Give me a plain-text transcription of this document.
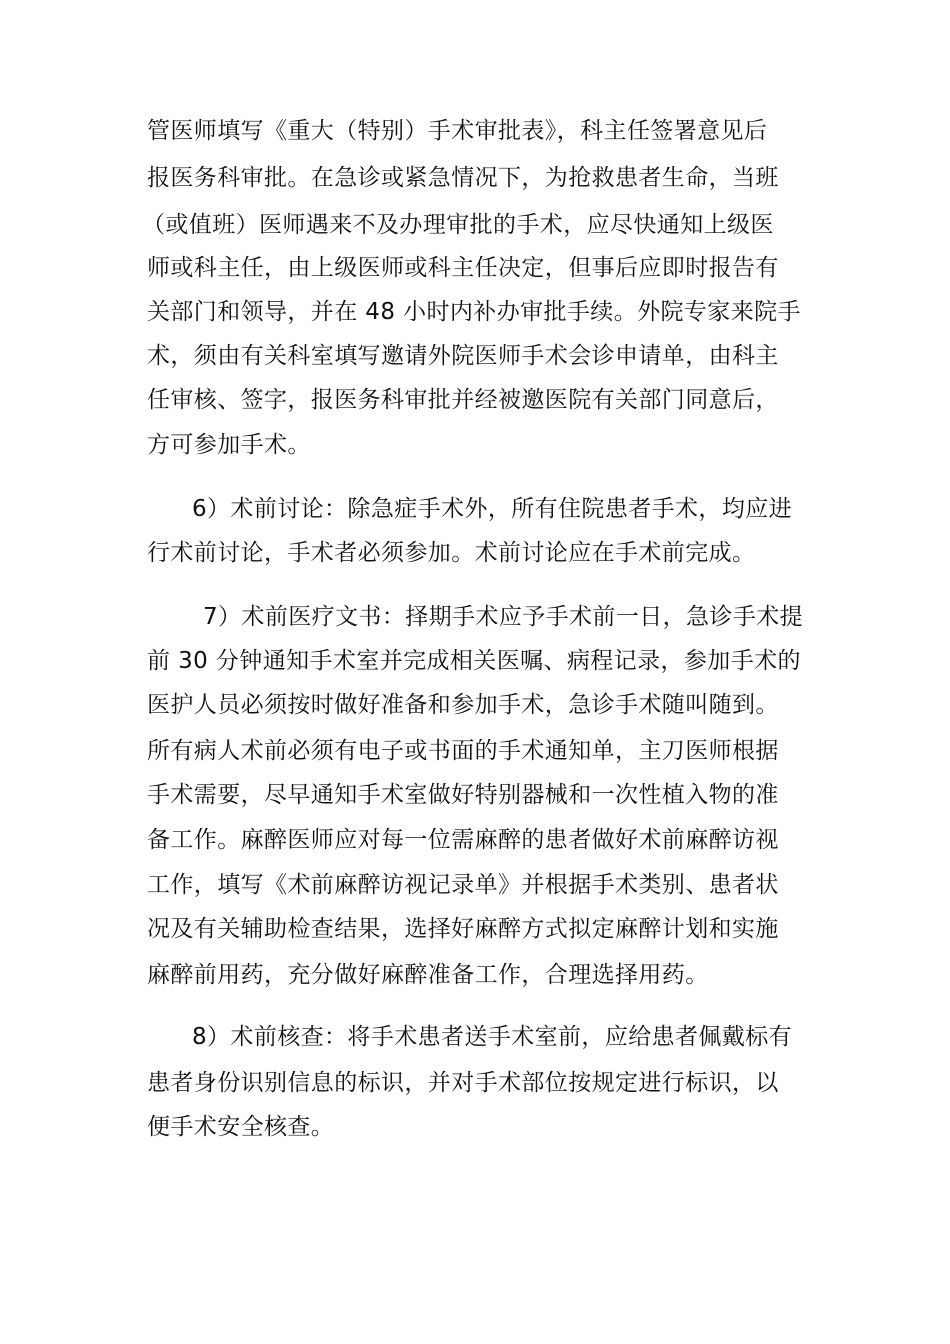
管医师填写《重大（特别）手术审批表》，科主任签署意见后
报医务科审批。在急诊或紧急情况下，为抢救患者生命，当班
（或值班）医师遇来不及办理审批的手术，应尽快通知上级医
师或科主任，由上级医师或科主任决定，但事后应即时报告有
关部门和领导，并在 48 小时内补办审批手续。外院专家来院手
术，须由有关科室填写邀请外院医师手术会诊申请单，由科主
任审核、签字，报医务科审批并经被邀医院有关部门同意后，
方可参加手术。
6）术前讨论：除急症手术外，所有住院患者手术，均应进
行术前讨论，手术者必须参加。术前讨论应在手术前完成。
7）术前医疗文书：择期手术应予手术前一日，急诊手术提
前 30 分钟通知手术室并完成相关医嘱、病程记录，参加手术的
医护人员必须按时做好准备和参加手术，急诊手术随叫随到。
所有病人术前必须有电子或书面的手术通知单，主刀医师根据
手术需要，尽早通知手术室做好特别器械和一次性植入物的准
备工作。麻醉医师应对每一位需麻醉的患者做好术前麻醉访视
工作，填写《术前麻醉访视记录单》并根据手术类别、患者状
况及有关辅助检查结果，选择好麻醉方式拟定麻醉计划和实施
麻醉前用药，充分做好麻醉准备工作，合理选择用药。
8）术前核查：将手术患者送手术室前，应给患者佩戴标有
患者身份识别信息的标识，并对手术部位按规定进行标识，以
便手术安全核查。
